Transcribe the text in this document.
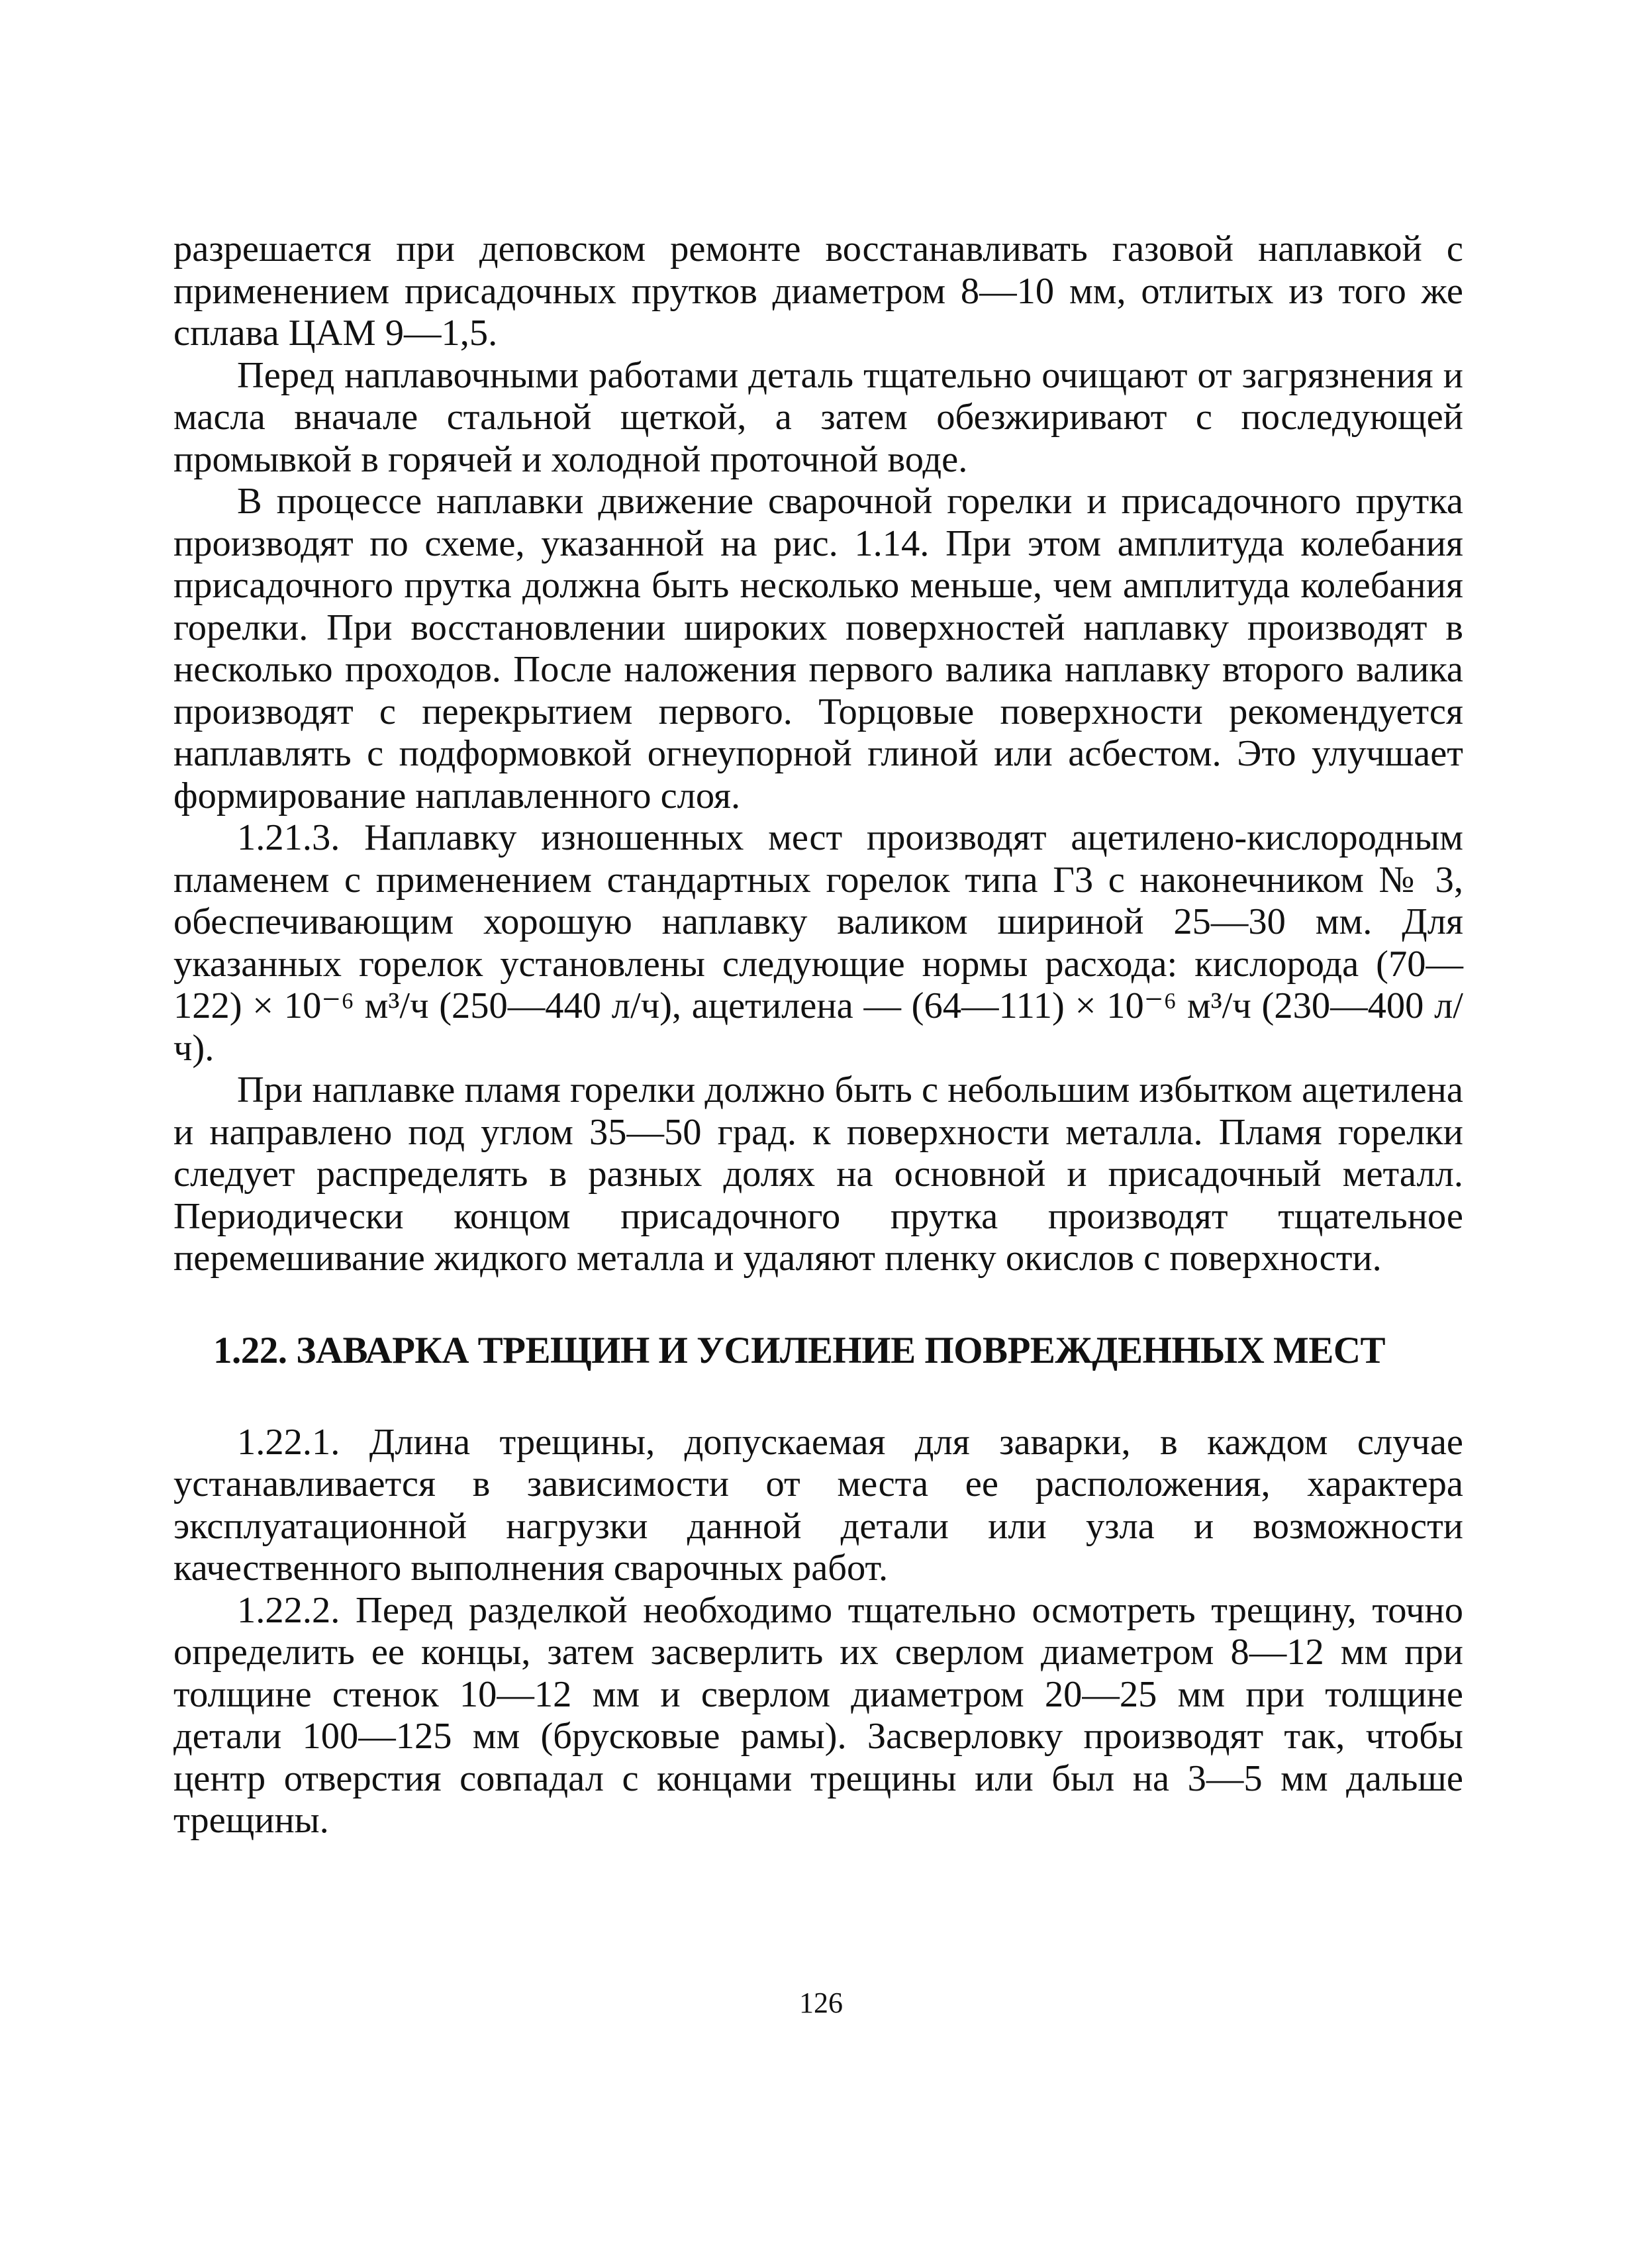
разрешается при деповском ремонте восстанавливать газовой наплавкой с применением присадочных прутков диаметром 8—10 мм, отлитых из того же сплава ЦАМ 9—1,5.

Перед наплавочными работами деталь тщательно очищают от загрязнения и масла вначале стальной щеткой, а затем обезжиривают с последующей промывкой в горячей и холодной проточной воде.

В процессе наплавки движение сварочной горелки и присадочного прутка производят по схеме, указанной на рис. 1.14. При этом амплитуда колебания присадочного прутка должна быть несколько меньше, чем амплитуда колебания горелки. При восстановлении широких поверхностей наплавку производят в несколько проходов. После наложения первого валика наплавку второго валика производят с перекрытием первого. Торцовые поверхности рекомендуется наплавлять с подформовкой огнеупорной глиной или асбестом. Это улучшает формирование наплавленного слоя.

1.21.3. Наплавку изношенных мест производят ацетилено-кислородным пламенем с применением стандартных горелок типа Г3 с наконечником № 3, обеспечивающим хорошую наплавку валиком шириной 25—30 мм. Для указанных горелок установлены следующие нормы расхода: кислорода (70—122) × 10⁻⁶ м³/ч (250—440 л/ч), ацетилена — (64—111) × 10⁻⁶ м³/ч (230—400 л/ч).

При наплавке пламя горелки должно быть с небольшим избытком ацетилена и направлено под углом 35—50 град. к поверхности металла. Пламя горелки следует распределять в разных долях на основной и присадочный металл. Периодически концом присадочного прутка производят тщательное перемешивание жидкого металла и удаляют пленку окислов с поверхности.

1.22. ЗАВАРКА ТРЕЩИН И УСИЛЕНИЕ ПОВРЕЖДЕННЫХ МЕСТ

1.22.1. Длина трещины, допускаемая для заварки, в каждом случае устанавливается в зависимости от места ее расположения, характера эксплуатационной нагрузки данной детали или узла и возможности качественного выполнения сварочных работ.

1.22.2. Перед разделкой необходимо тщательно осмотреть трещину, точно определить ее концы, затем засверлить их сверлом диаметром 8—12 мм при толщине стенок 10—12 мм и сверлом диаметром 20—25 мм при толщине детали 100—125 мм (брусковые рамы). Засверловку производят так, чтобы центр отверстия совпадал с концами трещины или был на 3—5 мм дальше трещины.

126
